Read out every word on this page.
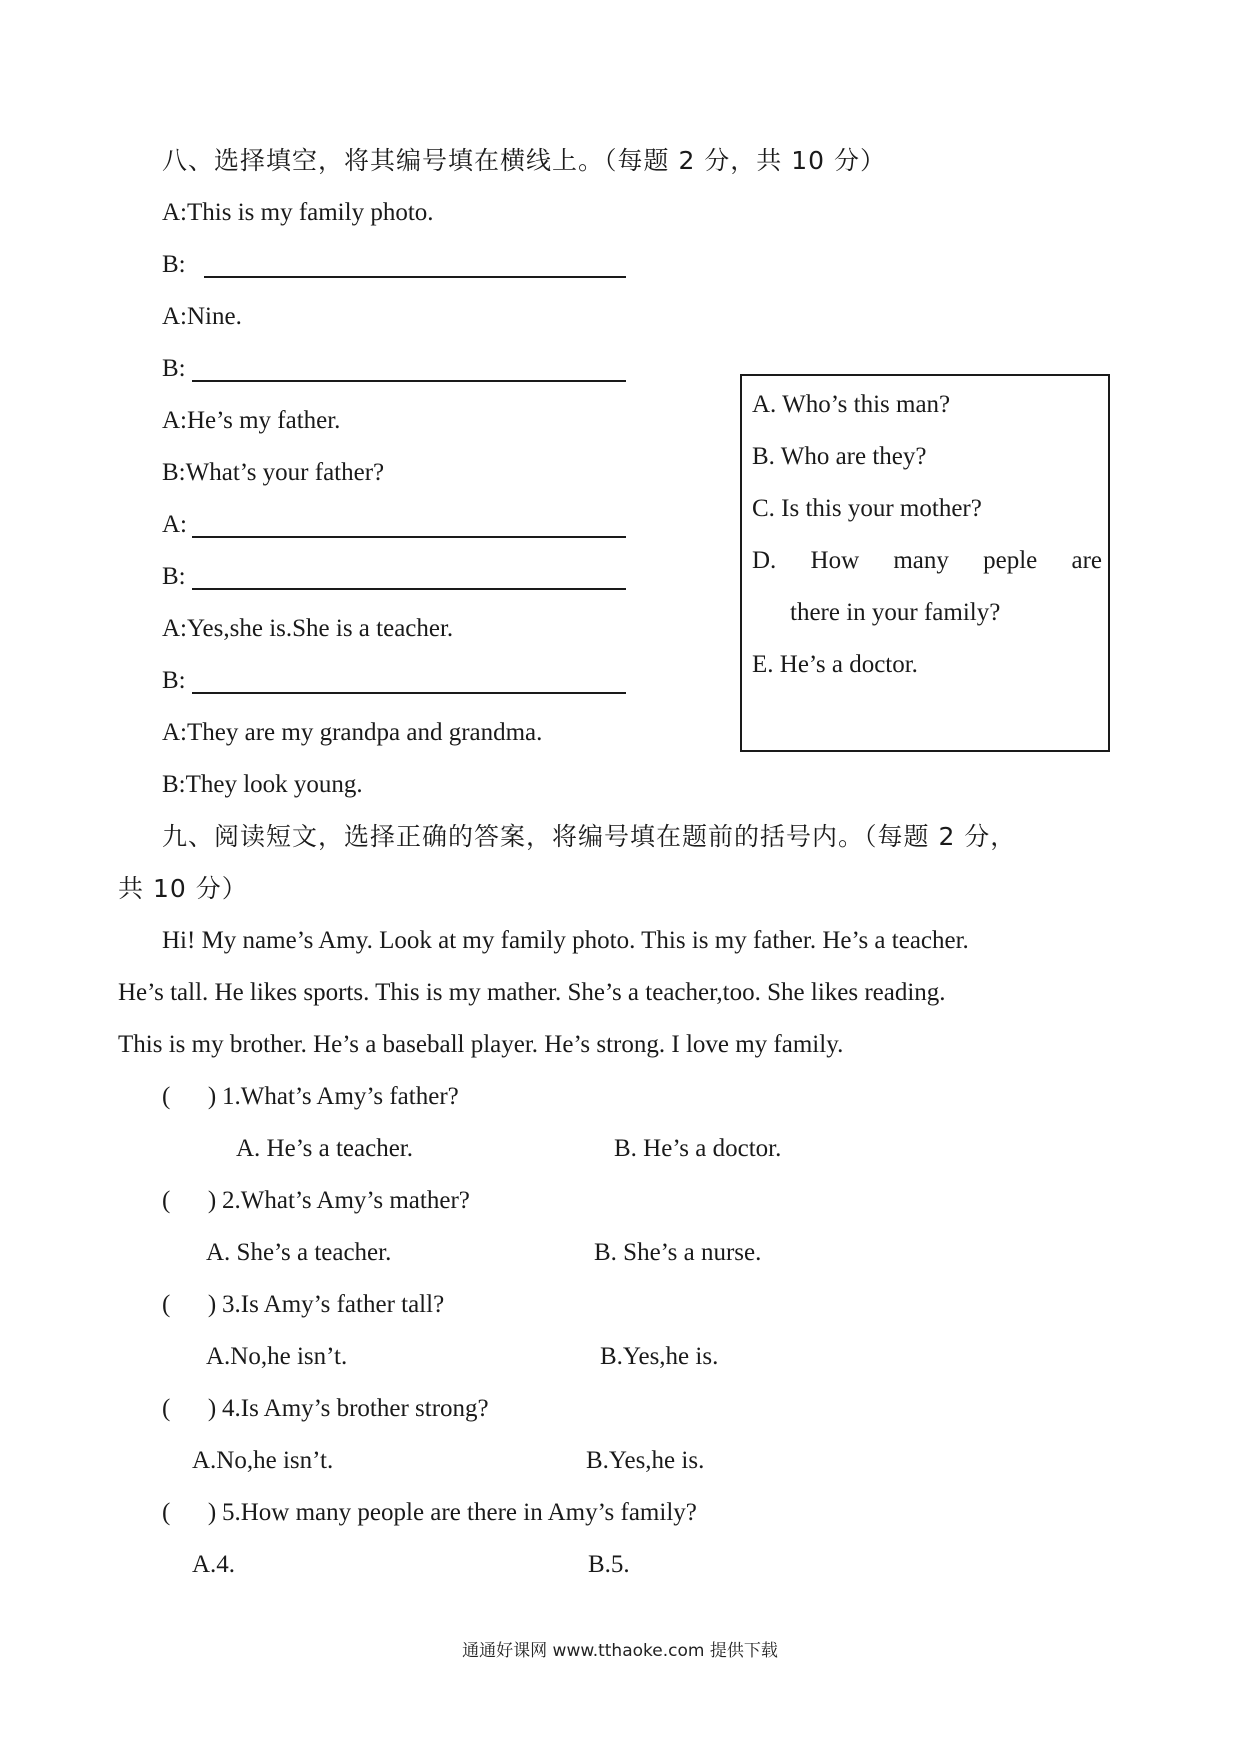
八、选择填空，将其编号填在横线上。（每题 2 分，共 10 分）
A:This is my family photo.
B:
A:Nine.
B:
A:He’s my father.
B:What’s your father?
A:
B:
A:Yes,she is.She is a teacher.
B:
A:They are my grandpa and grandma.
B:They look young.
A. Who’s this man?
B. Who are they?
C. Is this your mother?
D. How many peple are
there in your family?
E. He’s a doctor.
九、阅读短文，选择正确的答案，将编号填在题前的括号内。（每题 2 分，
共 10 分）
Hi! My name’s Amy. Look at my family photo. This is my father. He’s a teacher.
He’s tall. He likes sports. This is my mather. She’s a teacher,too. She likes reading.
This is my brother. He’s a baseball player. He’s strong. I love my family.
(      ) 1.What’s Amy’s father?
A. He’s a teacher.	B. He’s a doctor.
(      ) 2.What’s Amy’s mather?
A. She’s a teacher.	B. She’s a nurse.
(      ) 3.Is Amy’s father tall?
A.No,he isn’t.	B.Yes,he is.
(      ) 4.Is Amy’s brother strong?
A.No,he isn’t.	B.Yes,he is.
(      ) 5.How many people are there in Amy’s family?
A.4.	B.5.
通通好课网 www.tthaoke.com 提供下载
